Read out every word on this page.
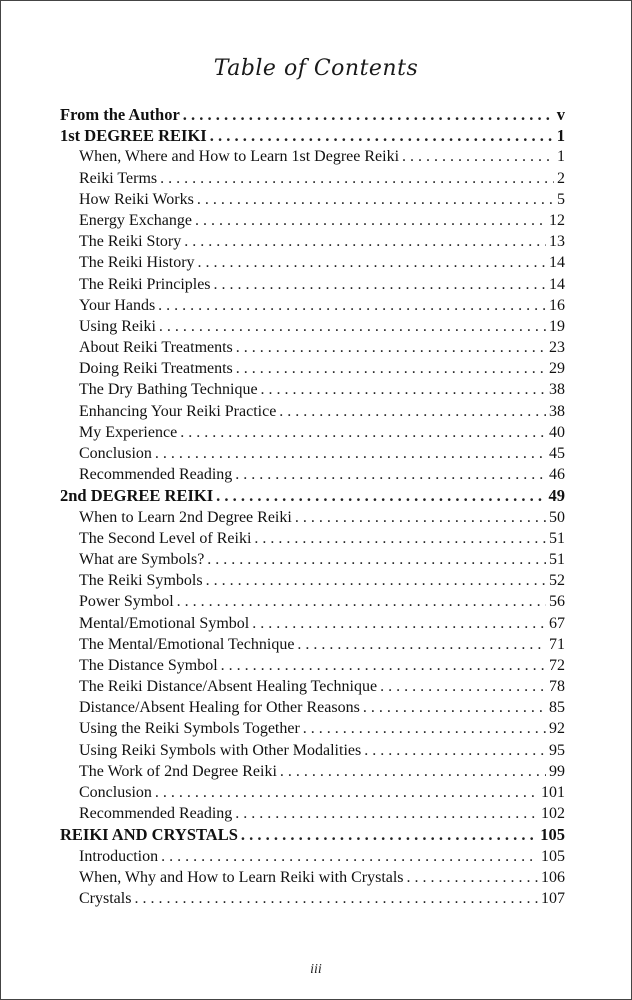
Table of Contents
From the Author . . .	v
1st DEGREE REIKI . . .	1
When, Where and How to Learn 1st Degree Reiki . . .	1
Reiki Terms . . .	2
How Reiki Works . . .	5
Energy Exchange . . .	12
The Reiki Story . . .	13
The Reiki History . . .	14
The Reiki Principles . . .	14
Your Hands . . .	16
Using Reiki . . .	19
About Reiki Treatments . . .	23
Doing Reiki Treatments . . .	29
The Dry Bathing Technique . . .	38
Enhancing Your Reiki Practice . . .	38
My Experience . . .	40
Conclusion . . .	45
Recommended Reading . . .	46
2nd DEGREE REIKI . . .	49
When to Learn 2nd Degree Reiki . . .	50
The Second Level of Reiki . . .	51
What are Symbols? . . .	51
The Reiki Symbols . . .	52
Power Symbol . . .	56
Mental/Emotional Symbol . . .	67
The Mental/Emotional Technique . . .	71
The Distance Symbol . . .	72
The Reiki Distance/Absent Healing Technique . . .	78
Distance/Absent Healing for Other Reasons . . .	85
Using the Reiki Symbols Together . . .	92
Using Reiki Symbols with Other Modalities . . .	95
The Work of 2nd Degree Reiki . . .	99
Conclusion . . .	101
Recommended Reading . . .	102
REIKI AND CRYSTALS . . .	105
Introduction . . .	105
When, Why and How to Learn Reiki with Crystals . . .	106
Crystals . . .	107
iii
